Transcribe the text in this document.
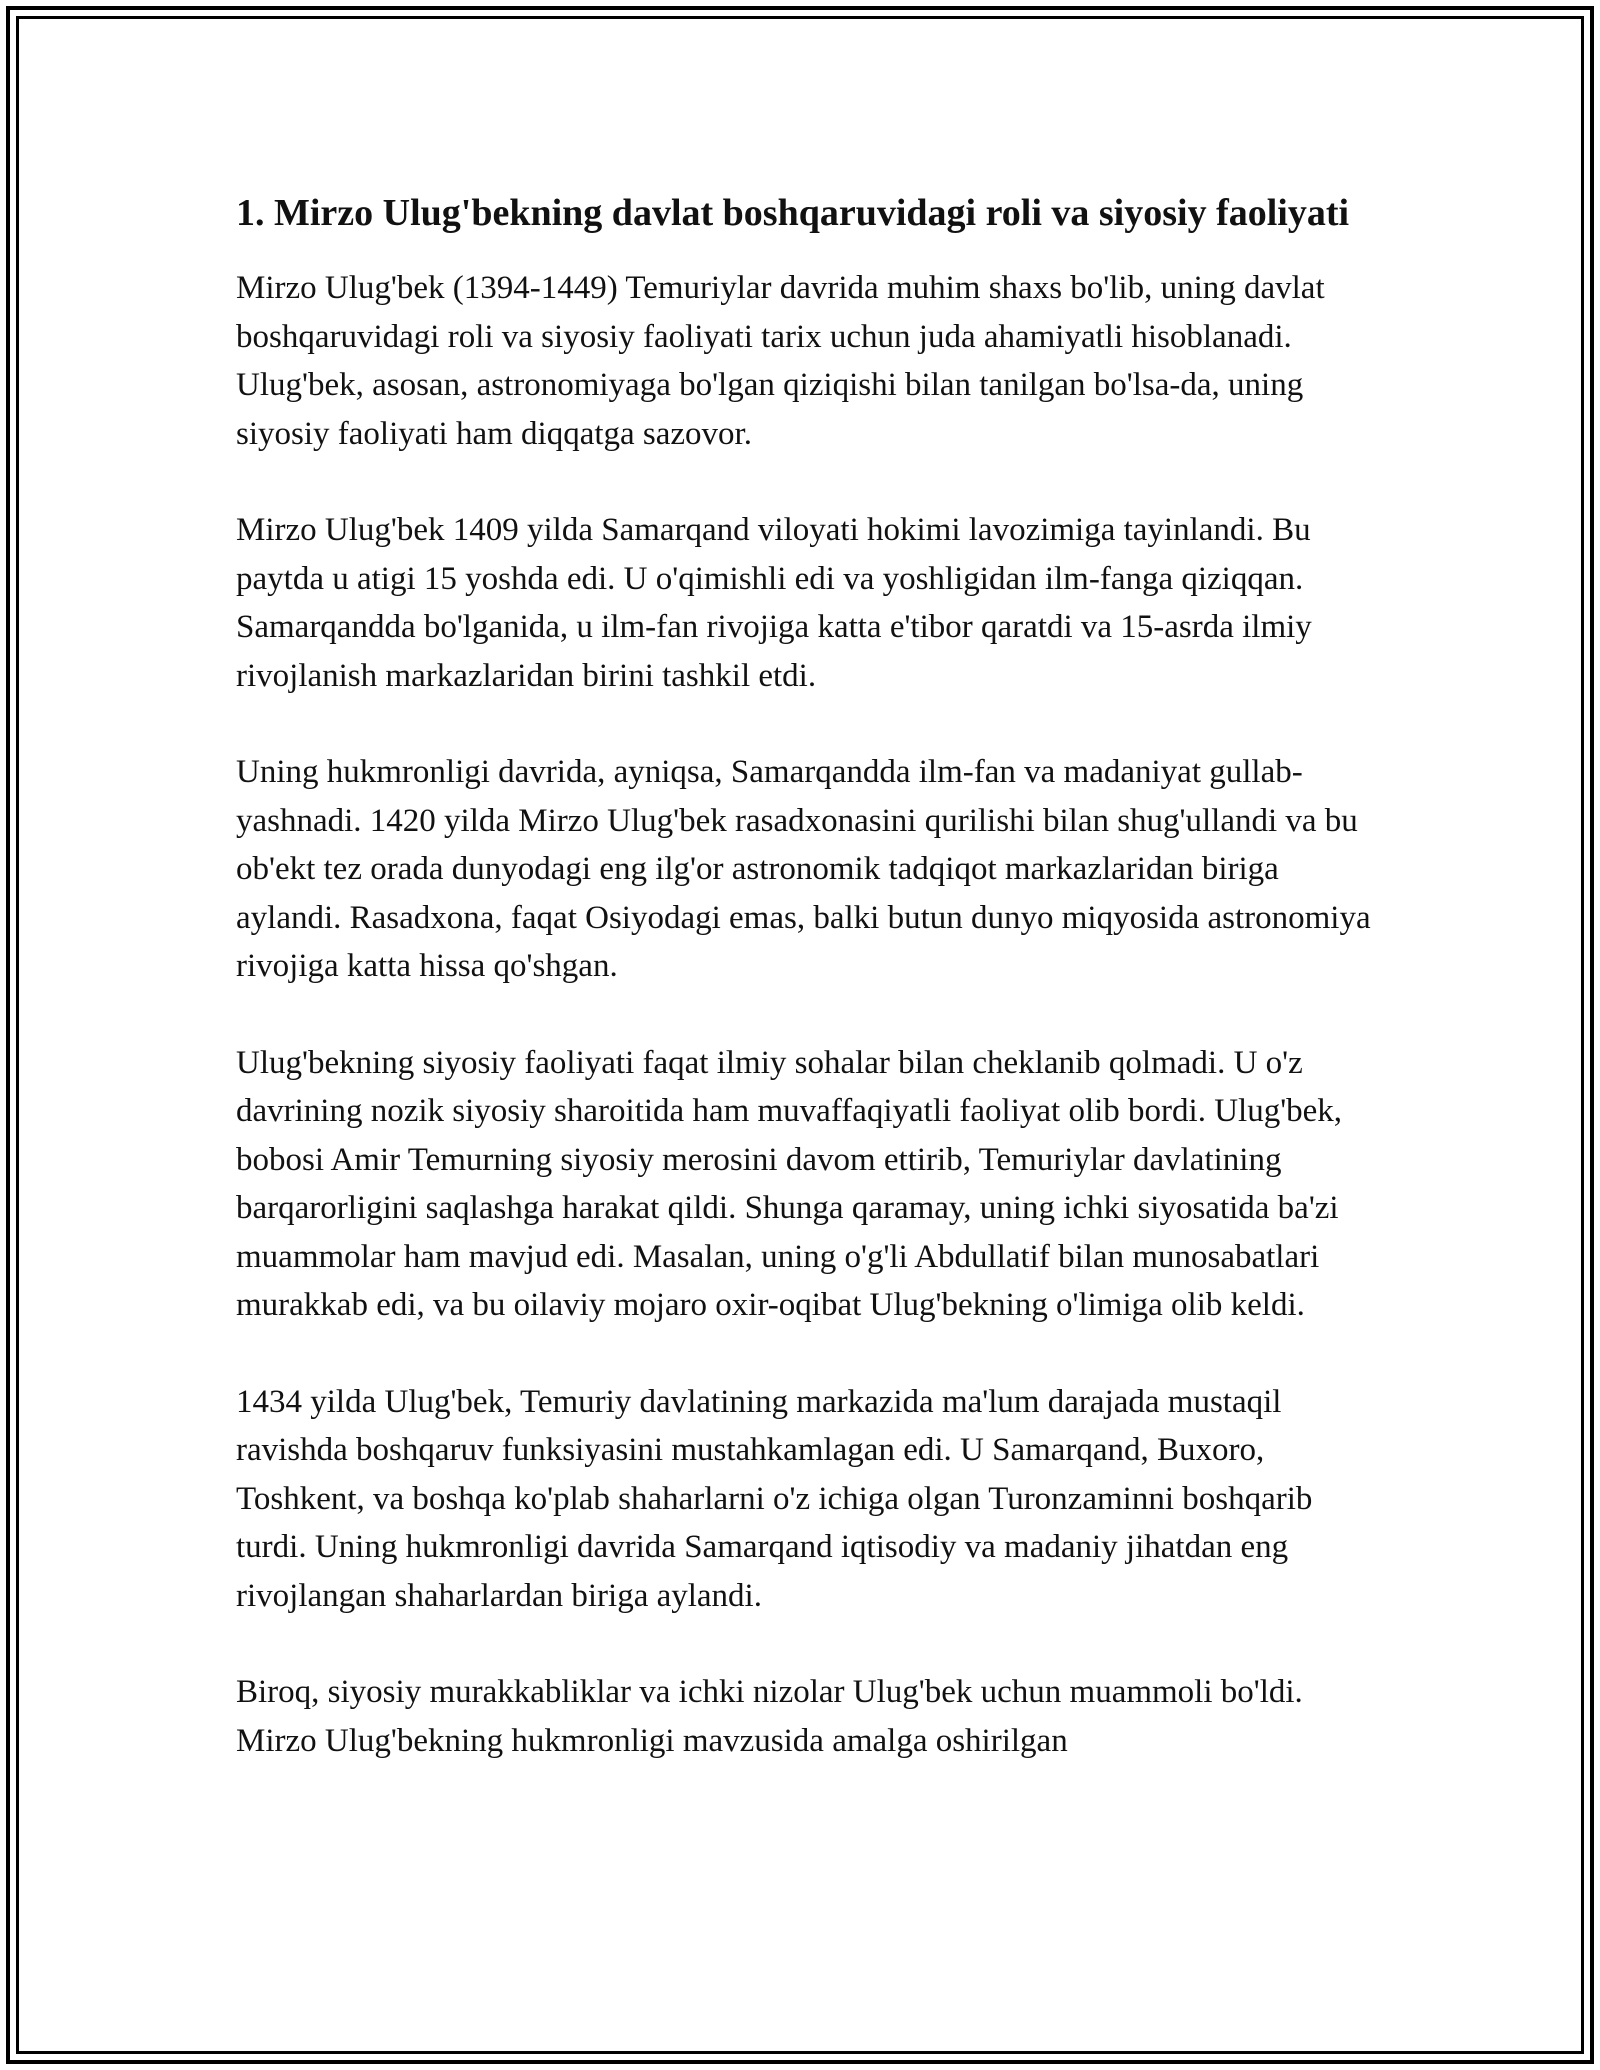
1. Mirzo Ulug'bekning davlat boshqaruvidagi roli va siyosiy faoliyati

Mirzo Ulug'bek (1394-1449) Temuriylar davrida muhim shaxs bo'lib, uning davlat boshqaruvidagi roli va siyosiy faoliyati tarix uchun juda ahamiyatli hisoblanadi. Ulug'bek, asosan, astronomiyaga bo'lgan qiziqishi bilan tanilgan bo'lsa-da, uning siyosiy faoliyati ham diqqatga sazovor.

Mirzo Ulug'bek 1409 yilda Samarqand viloyati hokimi lavozimiga tayinlandi. Bu paytda u atigi 15 yoshda edi. U o'qimishli edi va yoshligidan ilm-fanga qiziqqan. Samarqandda bo'lganida, u ilm-fan rivojiga katta e'tibor qaratdi va 15-asrda ilmiy rivojlanish markazlaridan birini tashkil etdi.

Uning hukmronligi davrida, ayniqsa, Samarqandda ilm-fan va madaniyat gullab-yashnadi. 1420 yilda Mirzo Ulug'bek rasadxonasini qurilishi bilan shug'ullandi va bu ob'ekt tez orada dunyodagi eng ilg'or astronomik tadqiqot markazlaridan biriga aylandi. Rasadxona, faqat Osiyodagi emas, balki butun dunyo miqyosida astronomiya rivojiga katta hissa qo'shgan.

Ulug'bekning siyosiy faoliyati faqat ilmiy sohalar bilan cheklanib qolmadi. U o'z davrining nozik siyosiy sharoitida ham muvaffaqiyatli faoliyat olib bordi. Ulug'bek, bobosi Amir Temurning siyosiy merosini davom ettirib, Temuriylar davlatining barqarorligini saqlashga harakat qildi. Shunga qaramay, uning ichki siyosatida ba'zi muammolar ham mavjud edi. Masalan, uning o'g'li Abdullatif bilan munosabatlari murakkab edi, va bu oilaviy mojaro oxir-oqibat Ulug'bekning o'limiga olib keldi.

1434 yilda Ulug'bek, Temuriy davlatining markazida ma'lum darajada mustaqil ravishda boshqaruv funksiyasini mustahkamlagan edi. U Samarqand, Buxoro, Toshkent, va boshqa ko'plab shaharlarni o'z ichiga olgan Turonzaminni boshqarib turdi. Uning hukmronligi davrida Samarqand iqtisodiy va madaniy jihatdan eng rivojlangan shaharlardan biriga aylandi.

Biroq, siyosiy murakkabliklar va ichki nizolar Ulug'bek uchun muammoli bo'ldi. Mirzo Ulug'bekning hukmronligi mavzusida amalga oshirilgan
